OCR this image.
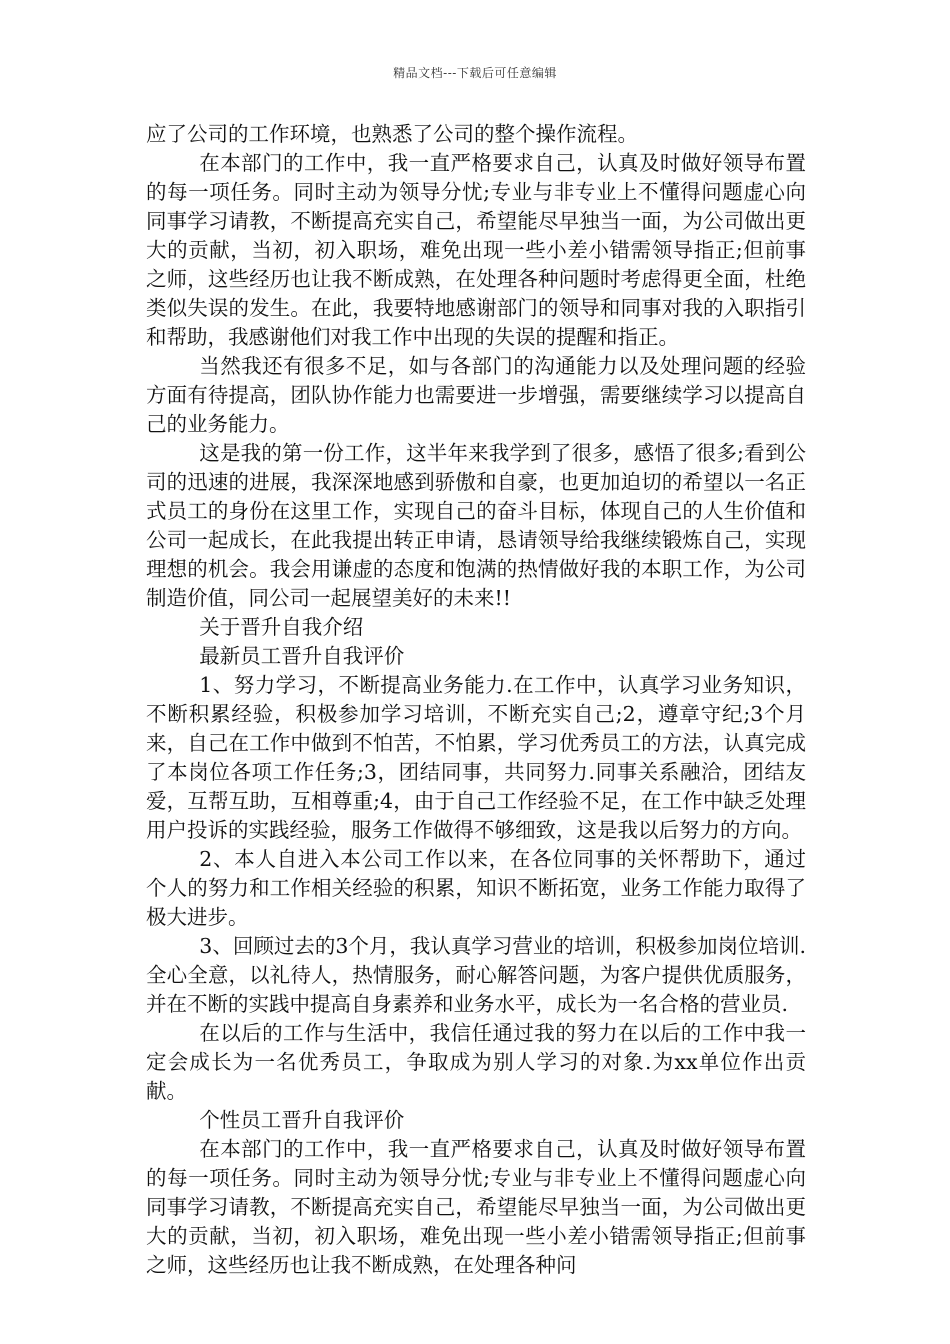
精品文档---下载后可任意编辑

应了公司的工作环境，也熟悉了公司的整个操作流程。

在本部门的工作中，我一直严格要求自己，认真及时做好领导布置的每一项任务。同时主动为领导分忧;专业与非专业上不懂得问题虚心向同事学习请教，不断提高充实自己，希望能尽早独当一面，为公司做出更大的贡献，当初，初入职场，难免出现一些小差小错需领导指正;但前事之师，这些经历也让我不断成熟，在处理各种问题时考虑得更全面，杜绝类似失误的发生。在此，我要特地感谢部门的领导和同事对我的入职指引和帮助，我感谢他们对我工作中出现的失误的提醒和指正。

当然我还有很多不足，如与各部门的沟通能力以及处理问题的经验方面有待提高，团队协作能力也需要进一步增强，需要继续学习以提高自己的业务能力。

这是我的第一份工作，这半年来我学到了很多，感悟了很多;看到公司的迅速的进展，我深深地感到骄傲和自豪，也更加迫切的希望以一名正式员工的身份在这里工作，实现自己的奋斗目标，体现自己的人生价值和公司一起成长，在此我提出转正申请，恳请领导给我继续锻炼自己，实现理想的机会。我会用谦虚的态度和饱满的热情做好我的本职工作，为公司制造价值，同公司一起展望美好的未来!!

关于晋升自我介绍

最新员工晋升自我评价

1、努力学习，不断提高业务能力.在工作中，认真学习业务知识，不断积累经验，积极参加学习培训，不断充实自己;2，遵章守纪;3个月来，自己在工作中做到不怕苦，不怕累，学习优秀员工的方法，认真完成了本岗位各项工作任务;3，团结同事，共同努力.同事关系融洽，团结友爱，互帮互助，互相尊重;4，由于自己工作经验不足，在工作中缺乏处理用户投诉的实践经验，服务工作做得不够细致，这是我以后努力的方向。

2、本人自进入本公司工作以来，在各位同事的关怀帮助下，通过个人的努力和工作相关经验的积累，知识不断拓宽，业务工作能力取得了极大进步。

3、回顾过去的3个月，我认真学习营业的培训，积极参加岗位培训.全心全意，以礼待人，热情服务，耐心解答问题，为客户提供优质服务，并在不断的实践中提高自身素养和业务水平，成长为一名合格的营业员.

在以后的工作与生活中，我信任通过我的努力在以后的工作中我一定会成长为一名优秀员工，争取成为别人学习的对象.为xx单位作出贡献。

个性员工晋升自我评价

在本部门的工作中，我一直严格要求自己，认真及时做好领导布置的每一项任务。同时主动为领导分忧;专业与非专业上不懂得问题虚心向同事学习请教，不断提高充实自己，希望能尽早独当一面，为公司做出更大的贡献，当初，初入职场，难免出现一些小差小错需领导指正;但前事之师，这些经历也让我不断成熟，在处理各种问
